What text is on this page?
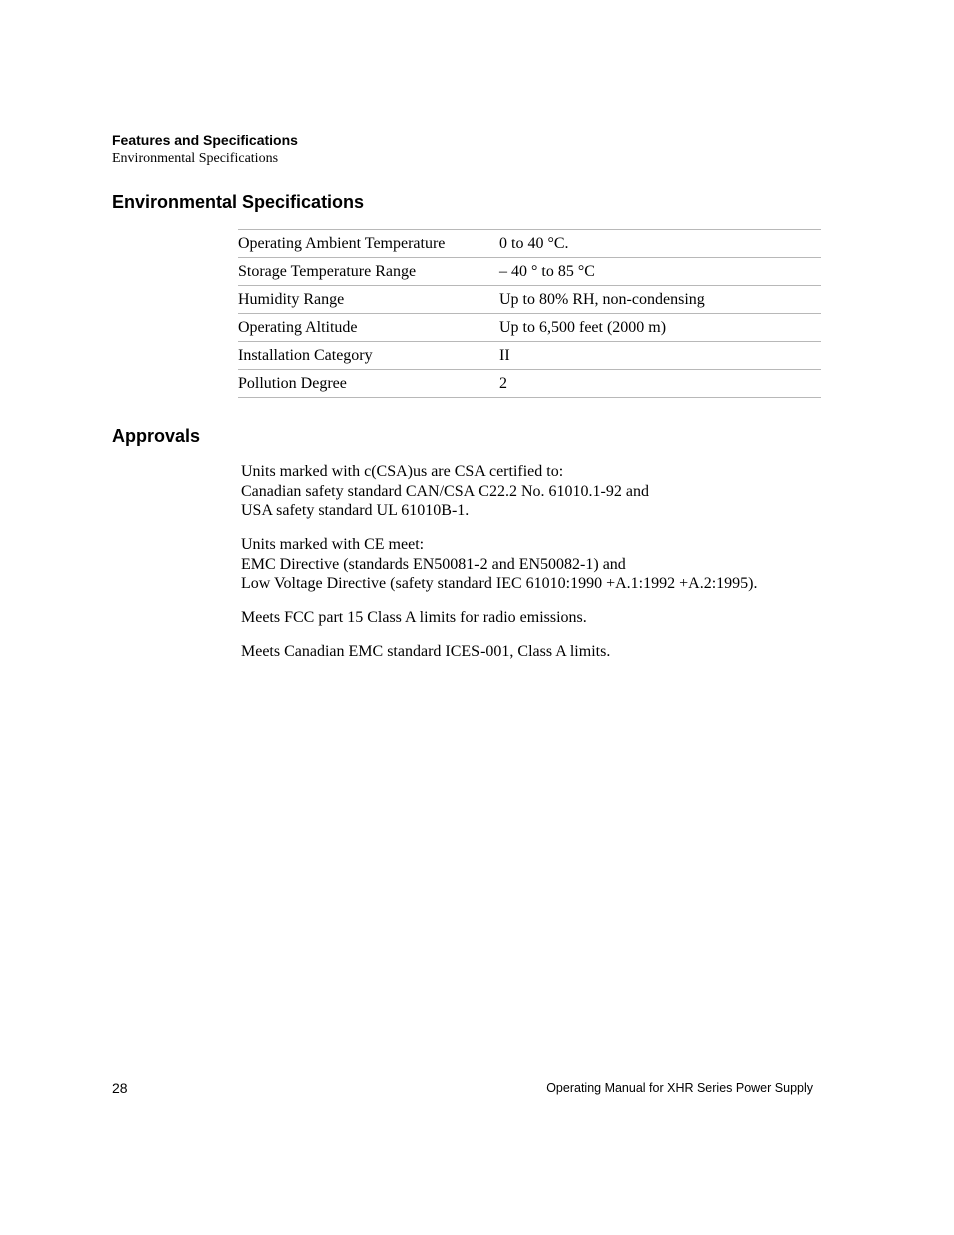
Features and Specifications
Environmental Specifications
Environmental Specifications
Operating Ambient Temperature	0 to 40 °C.
Storage Temperature Range	– 40 ° to 85 °C
Humidity Range	Up to 80% RH, non-condensing
Operating Altitude	Up to 6,500 feet (2000 m)
Installation Category	II
Pollution Degree	2
Approvals

Units marked with c(CSA)us are CSA certified to:
Canadian safety standard CAN/CSA C22.2 No. 61010.1-92 and
USA safety standard UL 61010B-1.

Units marked with CE meet:
EMC Directive (standards EN50081-2 and EN50082-1) and
Low Voltage Directive (safety standard IEC 61010:1990 +A.1:1992 +A.2:1995).

Meets FCC part 15 Class A limits for radio emissions.

Meets Canadian EMC standard ICES-001, Class A limits.

28	Operating Manual for XHR Series Power Supply
